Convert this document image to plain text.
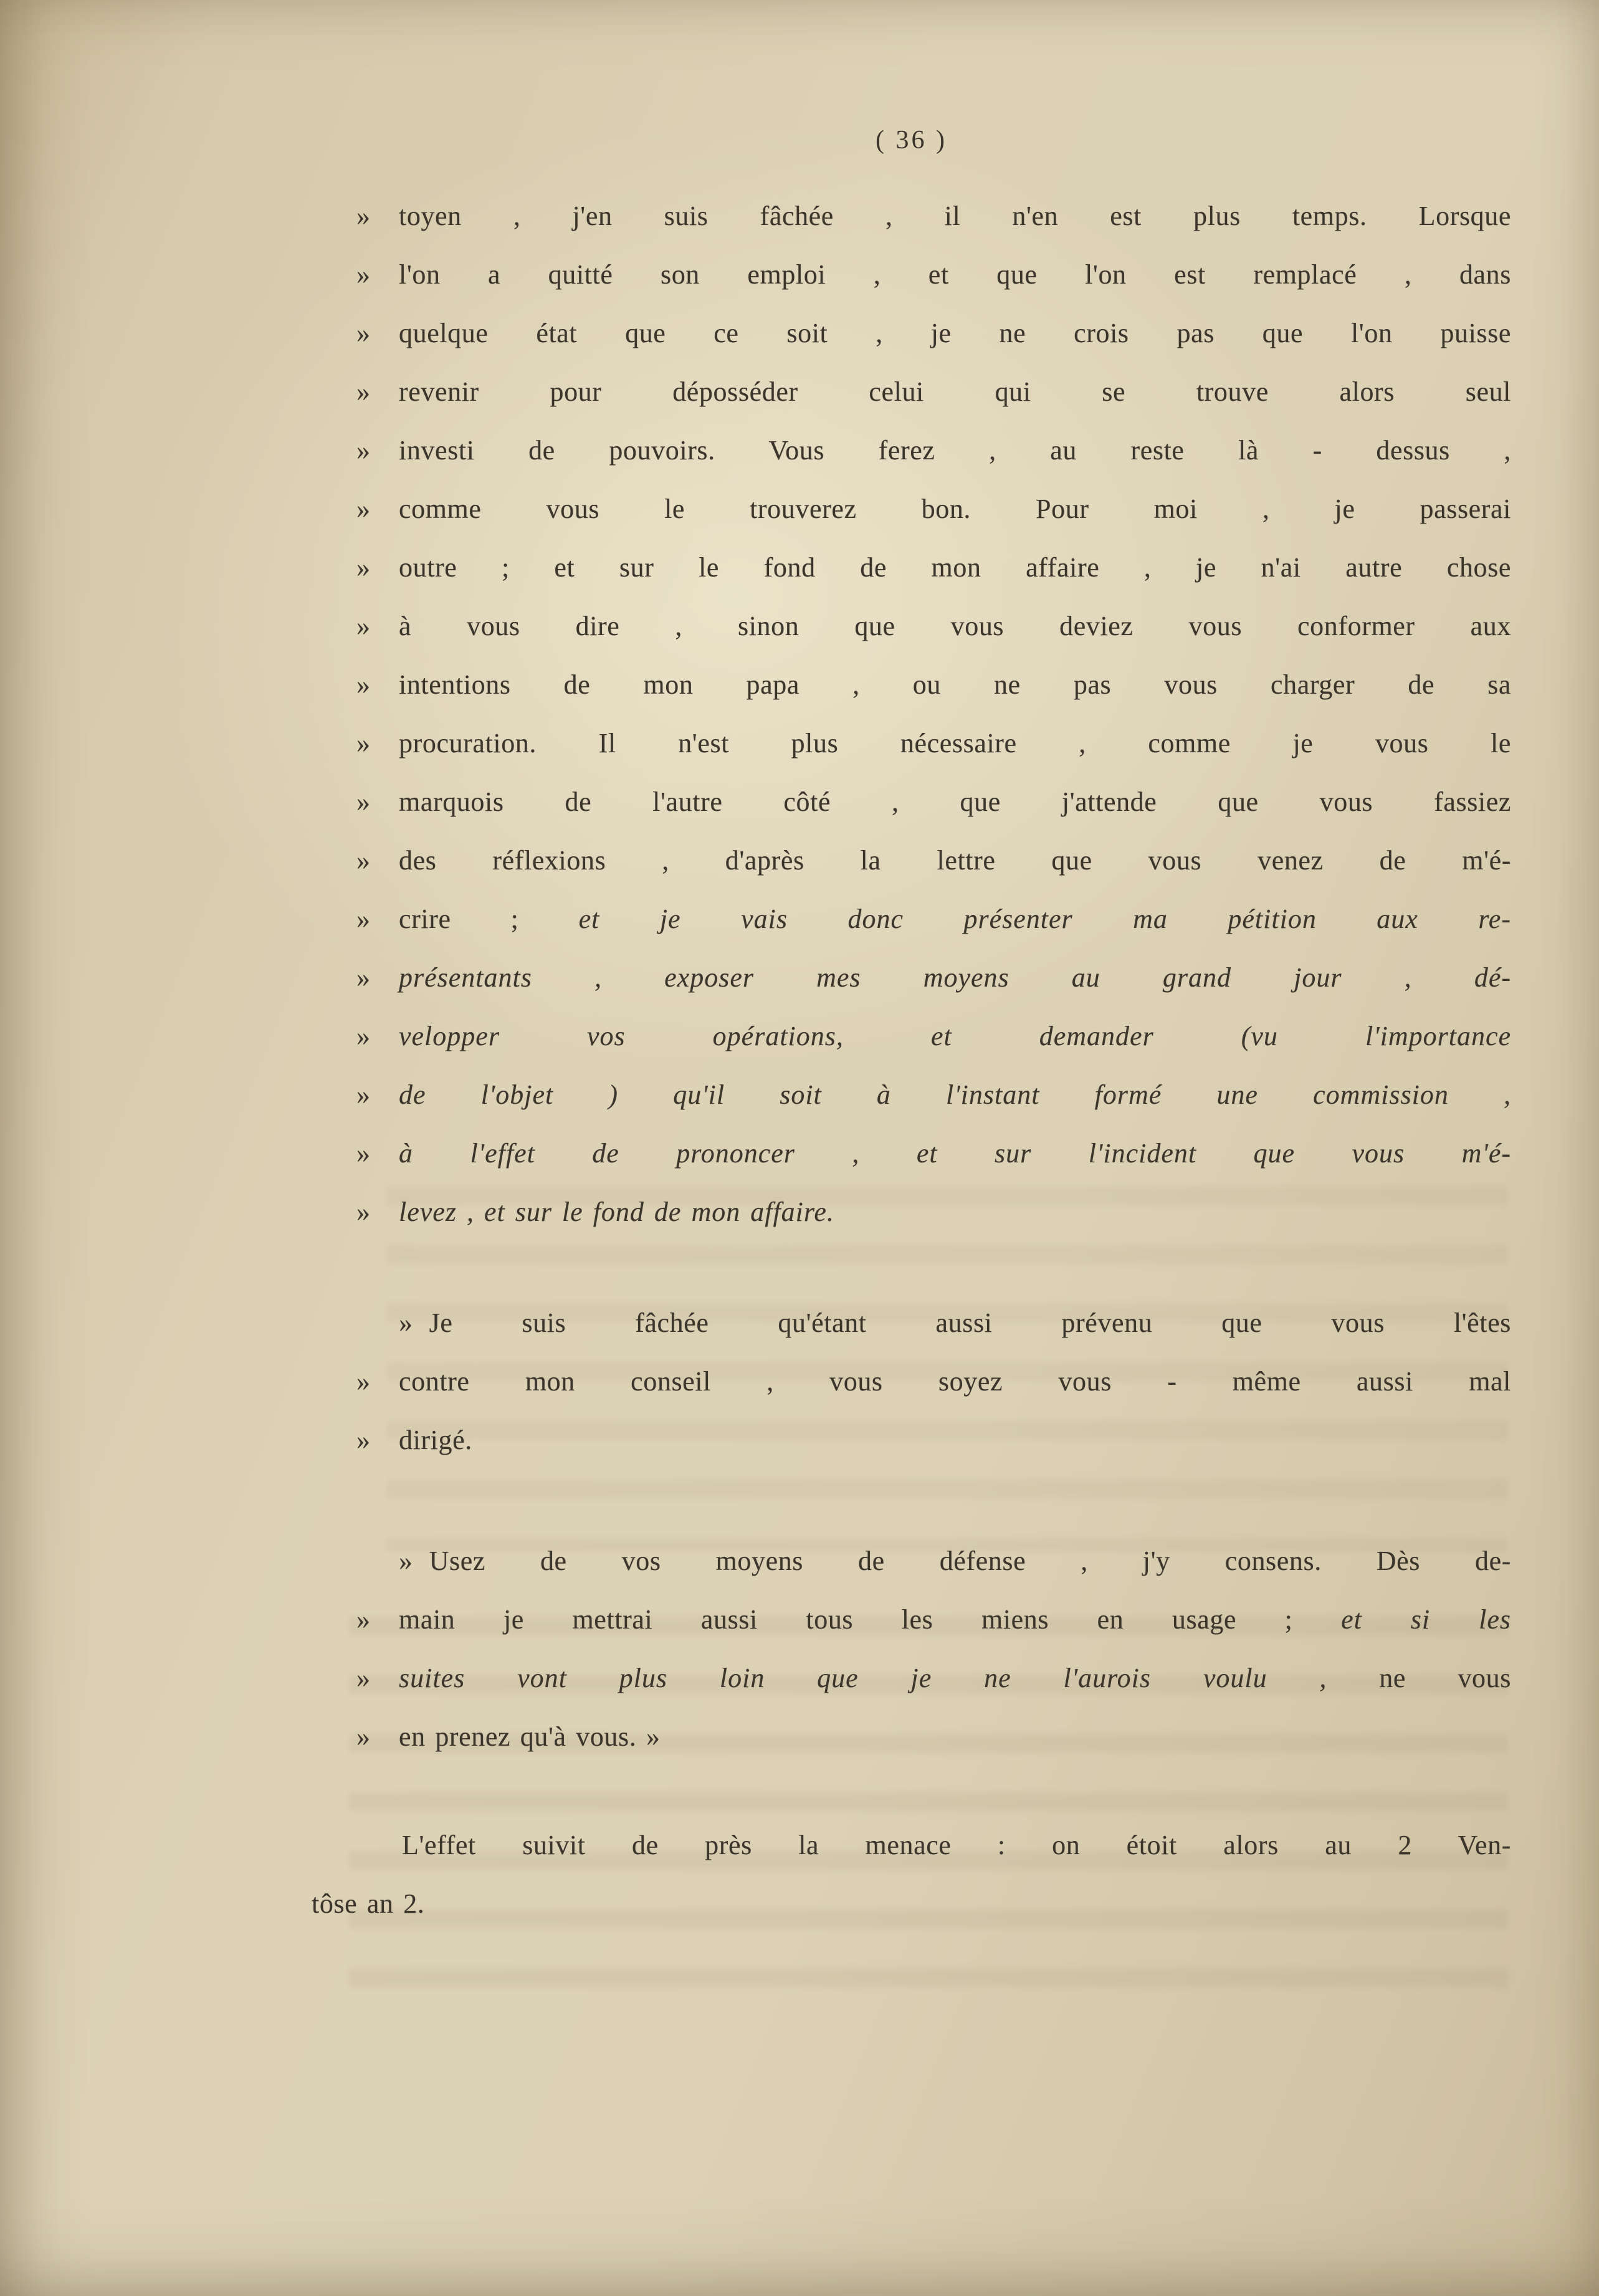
( 36 )
» toyen , j'en suis fâchée , il n'en est plus temps. Lorsque
» l'on a quitté son emploi , et que l'on est remplacé , dans
» quelque état que ce soit , je ne crois pas que l'on puisse
» revenir pour déposséder celui qui se trouve alors seul
» investi de pouvoirs. Vous ferez , au reste là - dessus ,
» comme vous le trouverez bon. Pour moi , je passerai
» outre ; et sur le fond de mon affaire , je n'ai autre chose
» à vous dire , sinon que vous deviez vous conformer aux
» intentions de mon papa , ou ne pas vous charger de sa
» procuration. Il n'est plus nécessaire , comme je vous le
» marquois de l'autre côté , que j'attende que vous fassiez
» des réflexions , d'après la lettre que vous venez de m'é-
» crire ; et je vais donc présenter ma pétition aux re-
» présentants , exposer mes moyens au grand jour , dé-
» velopper vos opérations, et demander (vu l'importance
» de l'objet ) qu'il soit à l'instant formé une commission ,
» à l'effet de prononcer , et sur l'incident que vous m'é-
» levez , et sur le fond de mon affaire.
» Je suis fâchée qu'étant aussi prévenu que vous l'êtes
» contre mon conseil , vous soyez vous - même aussi mal
» dirigé.
» Usez de vos moyens de défense , j'y consens. Dès de-
» main je mettrai aussi tous les miens en usage ; et si les
» suites vont plus loin que je ne l'aurois voulu , ne vous
» en prenez qu'à vous. »
L'effet suivit de près la menace : on étoit alors au 2 Ven-
tôse an 2.
